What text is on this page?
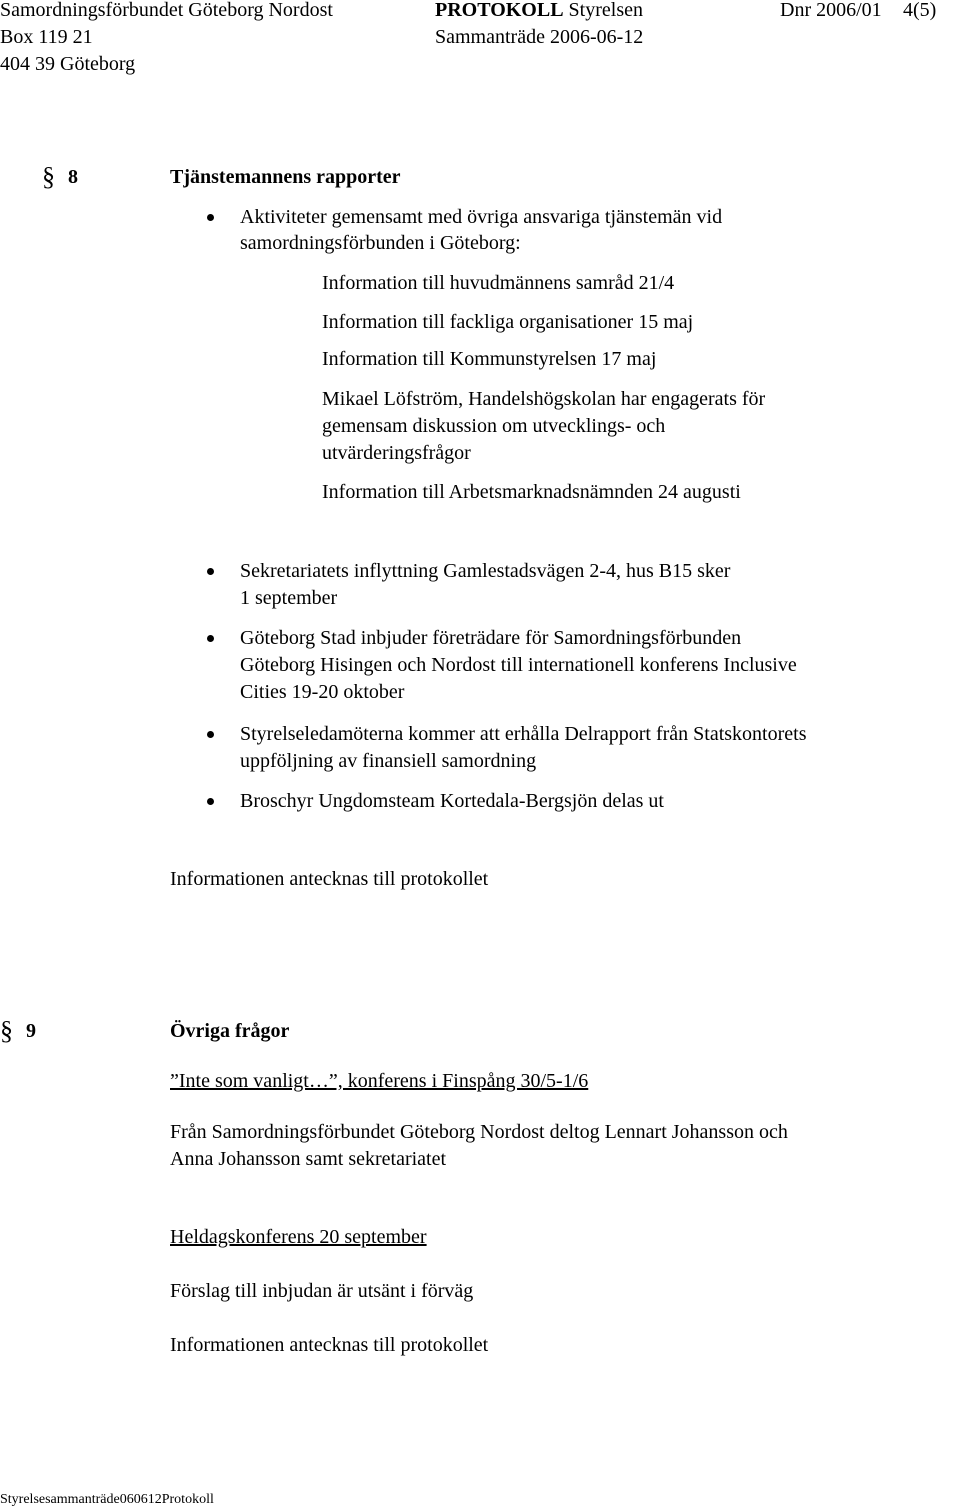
Samordningsförbundet Göteborg Nordost	PROTOKOLL Styrelsen	Dnr 2006/01 4(5)
Box 119 21	Sammanträde 2006-06-12
404 39 Göteborg
§ 8	Tjänstemannens rapporter
Aktiviteter gemensamt med övriga ansvariga tjänstemän vid
samordningsförbunden i Göteborg:
Information till huvudmännens samråd 21/4
Information till fackliga organisationer 15 maj
Information till Kommunstyrelsen 17 maj
Mikael Löfström, Handelshögskolan har engagerats för
gemensam diskussion om utvecklings- och
utvärderingsfrågor
Information till Arbetsmarknadsnämnden 24 augusti
Sekretariatets inflyttning Gamlestadsvägen 2-4, hus B15 sker
1 september
Göteborg Stad inbjuder företrädare för Samordningsförbunden
Göteborg Hisingen och Nordost till internationell konferens Inclusive
Cities 19-20 oktober
Styrelseledamöterna kommer att erhålla Delrapport från Statskontorets
uppföljning av finansiell samordning
Broschyr Ungdomsteam Kortedala-Bergsjön delas ut
Informationen antecknas till protokollet
§ 9	Övriga frågor
”Inte som vanligt…”, konferens i Finspång 30/5-1/6
Från Samordningsförbundet Göteborg Nordost deltog Lennart Johansson och
Anna Johansson samt sekretariatet
Heldagskonferens 20 september
Förslag till inbjudan är utsänt i förväg
Informationen antecknas till protokollet
Styrelsesammanträde060612Protokoll
